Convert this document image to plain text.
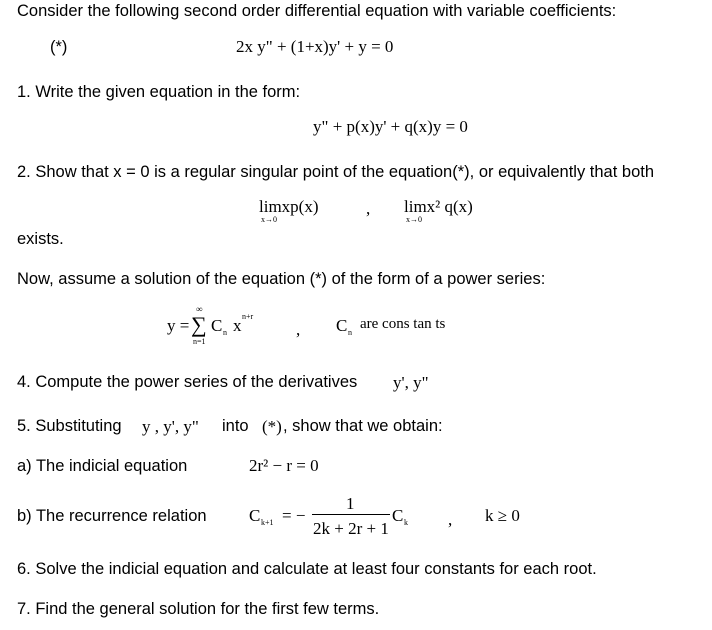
Consider the following second order differential equation with variable coefficients:
(*)	2x y" + (1+x)y' + y = 0
1. Write the given equation in the form:
y" + p(x)y' + q(x)y = 0
2. Show that x = 0 is a regular singular point of the equation(*), or equivalently that both
limxp(x)
x→0
, limx² q(x)
x→0
exists.
Now, assume a solution of the equation (*) of the form of a power series:
y =
∞
∑
n=1
C n x n+r
, C n
are cons tan ts
4. Compute the power series of the derivatives y', y"
5. Substituting y , y', y" into (*) , show that we obtain:
a) The indicial equation	2r² − r = 0
b) The recurrence relation C k+1 = −
1
2k + 2r + 1
C k , k ≥ 0
6. Solve the indicial equation and calculate at least four constants for each root.
7. Find the general solution for the first few terms.
